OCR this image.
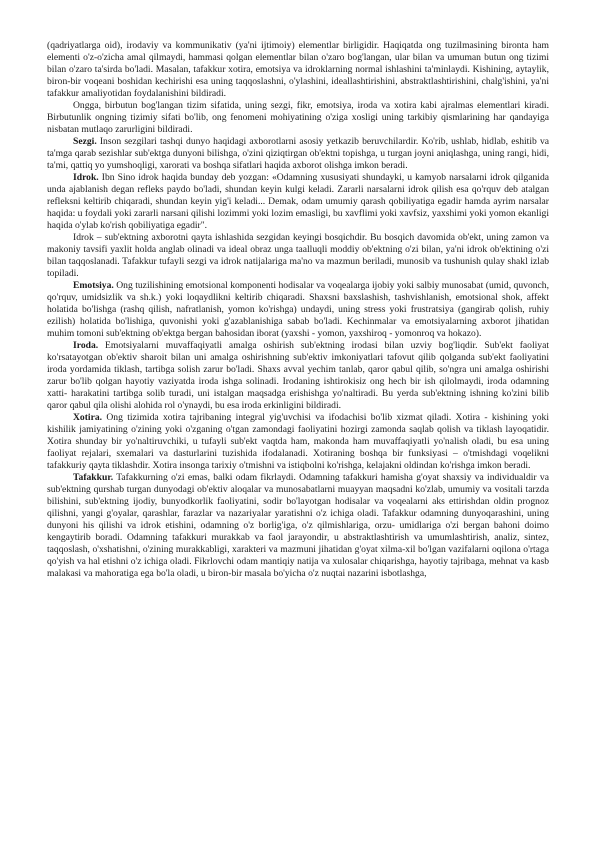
(qadriyatlarga oid), irodaviy va kommunikativ (ya'ni ijtimoiy) elementlar birligidir. Haqiqatda ong tuzilmasining bironta ham elementi o'z-o'zicha amal qilmaydi, hammasi qolgan elementlar bilan o'zaro bog'langan, ular bilan va umuman butun ong tizimi bilan o'zaro ta'sirda bo'ladi. Masalan, tafakkur xotira, emotsiya va idroklarning normal ishlashini ta'minlaydi. Kishining, aytaylik, biron-bir voqeani boshidan kechirishi esa uning taqqoslashni, o'ylashini, ideallashtirishini, abstraktlashtirishini, chalg'ishini, ya'ni tafakkur amaliyotidan foydalanishini bildiradi.

Ongga, birbutun bog'langan tizim sifatida, uning sezgi, fikr, emotsiya, iroda va xotira kabi ajralmas elementlari kiradi. Birbutunlik ongning tizimiy sifati bo'lib, ong fenomeni mohiyatining o'ziga xosligi uning tarkibiy qismlarining har qandayiga nisbatan mutlaqo zarurligini bildiradi.

Sezgi. Inson sezgilari tashqi dunyo haqidagi axborotlarni asosiy yetkazib beruvchilardir. Ko'rib, ushlab, hidlab, eshitib va ta'mga qarab sezishlar sub'ektga dunyoni bilishga, o'zini qiziqtirgan ob'ektni topishga, u turgan joyni aniqlashga, uning rangi, hidi, ta'mi, qattiq yo yumshoqligi, xarorati va boshqa sifatlari haqida axborot olishga imkon beradi.

Idrok. Ibn Sino idrok haqida bunday deb yozgan: «Odamning xususiyati shundayki, u kamyob narsalarni idrok qilganida unda ajablanish degan refleks paydo bo'ladi, shundan keyin kulgi keladi. Zararli narsalarni idrok qilish esa qo'rquv deb atalgan refleksni keltirib chiqaradi, shundan keyin yig'i keladi... Demak, odam umumiy qarash qobiliyatiga egadir hamda ayrim narsalar haqida: u foydali yoki zararli narsani qilishi lozimmi yoki lozim emasligi, bu xavflimi yoki xavfsiz, yaxshimi yoki yomon ekanligi haqida o'ylab ko'rish qobiliyatiga egadir".

Idrok – sub'ektning axborotni qayta ishlashida sezgidan keyingi bosqichdir. Bu bosqich davomida ob'ekt, uning zamon va makoniy tavsifi yaxlit holda anglab olinadi va ideal obraz unga taalluqli moddiy ob'ektning o'zi bilan, ya'ni idrok ob'ektining o'zi bilan taqqoslanadi. Tafakkur tufayli sezgi va idrok natijalariga ma'no va mazmun beriladi, munosib va tushunish qulay shakl izlab topiladi.

Emotsiya. Ong tuzilishining emotsional komponenti hodisalar va voqealarga ijobiy yoki salbiy munosabat (umid, quvonch, qo'rquv, umidsizlik va sh.k.) yoki loqaydlikni keltirib chiqaradi. Shaxsni baxslashish, tashvishlanish, emotsional shok, affekt holatida bo'lishga (rashq qilish, nafratlanish, yomon ko'rishga) undaydi, uning stress yoki frustratsiya (gangirab qolish, ruhiy ezilish) holatida bo'lishiga, quvonishi yoki g'azablanishiga sabab bo'ladi. Kechinmalar va emotsiyalarning axborot jihatidan muhim tomoni sub'ektning ob'ektga bergan bahosidan iborat (yaxshi - yomon, yaxshiroq - yomonroq va hokazo).

Iroda. Emotsiyalarni muvaffaqiyatli amalga oshirish sub'ektning irodasi bilan uzviy bog'liqdir. Sub'ekt faoliyat ko'rsatayotgan ob'ektiv sharoit bilan uni amalga oshirishning sub'ektiv imkoniyatlari tafovut qilib qolganda sub'ekt faoliyatini iroda yordamida tiklash, tartibga solish zarur bo'ladi. Shaxs avval yechim tanlab, qaror qabul qilib, so'ngra uni amalga oshirishi zarur bo'lib qolgan hayotiy vaziyatda iroda ishga solinadi. Irodaning ishtirokisiz ong hech bir ish qilolmaydi, iroda odamning xatti- harakatini tartibga solib turadi, uni istalgan maqsadga erishishga yo'naltiradi. Bu yerda sub'ektning ishning ko'zini bilib qaror qabul qila olishi alohida rol o'ynaydi, bu esa iroda erkinligini bildiradi.

Xotira. Ong tizimida xotira tajribaning integral yig'uvchisi va ifodachisi bo'lib xizmat qiladi. Xotira - kishining yoki kishilik jamiyatining o'zining yoki o'zganing o'tgan zamondagi faoliyatini hozirgi zamonda saqlab qolish va tiklash layoqatidir. Xotira shunday bir yo'naltiruvchiki, u tufayli sub'ekt vaqtda ham, makonda ham muvaffaqiyatli yo'nalish oladi, bu esa uning faoliyat rejalari, sxemalari va dasturlarini tuzishida ifodalanadi. Xotiraning boshqa bir funksiyasi – o'tmishdagi voqelikni tafakkuriy qayta tiklashdir. Xotira insonga tarixiy o'tmishni va istiqbolni ko'rishga, kelajakni oldindan ko'rishga imkon beradi.

Tafakkur. Tafakkurning o'zi emas, balki odam fikrlaydi. Odamning tafakkuri hamisha g'oyat shaxsiy va individualdir va sub'ektning qurshab turgan dunyodagi ob'ektiv aloqalar va munosabatlarni muayyan maqsadni ko'zlab, umumiy va vositali tarzda bilishini, sub'ektning ijodiy, bunyodkorlik faoliyatini, sodir bo'layotgan hodisalar va voqealarni aks ettirishdan oldin prognoz qilishni, yangi g'oyalar, qarashlar, farazlar va nazariyalar yaratishni o'z ichiga oladi. Tafakkur odamning dunyoqarashini, uning dunyoni his qilishi va idrok etishini, odamning o'z borlig'iga, o'z qilmishlariga, orzu- umidlariga o'zi bergan bahoni doimo kengaytirib boradi. Odamning tafakkuri murakkab va faol jarayondir, u abstraktlashtirish va umumlashtirish, analiz, sintez, taqqoslash, o'xshatishni, o'zining murakkabligi, xarakteri va mazmuni jihatidan g'oyat xilma-xil bo'lgan vazifalarni oqilona o'rtaga qo'yish va hal etishni o'z ichiga oladi. Fikrlovchi odam mantiqiy natija va xulosalar chiqarishga, hayotiy tajribaga, mehnat va kasb malakasi va mahoratiga ega bo'la oladi, u biron-bir masala bo'yicha o'z nuqtai nazarini isbotlashga,
